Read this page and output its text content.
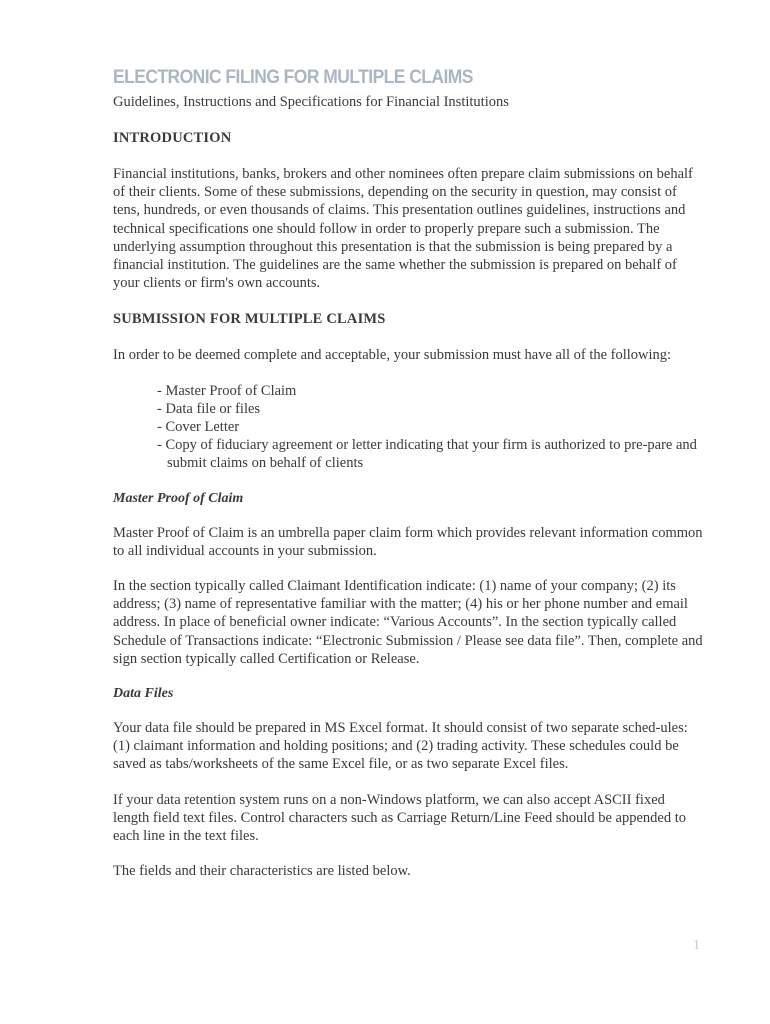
ELECTRONIC FILING FOR MULTIPLE CLAIMS

Guidelines, Instructions and Specifications for Financial Institutions

INTRODUCTION

Financial institutions, banks, brokers and other nominees often prepare claim submissions on behalf of their clients. Some of these submissions, depending on the security in question, may consist of tens, hundreds, or even thousands of claims. This presentation outlines guidelines, instructions and technical specifications one should follow in order to properly prepare such a submission. The underlying assumption throughout this presentation is that the submission is being prepared by a financial institution. The guidelines are the same whether the submission is prepared on behalf of your clients or firm's own accounts.

SUBMISSION FOR MULTIPLE CLAIMS

In order to be deemed complete and acceptable, your submission must have all of the following:

- Master Proof of Claim
- Data file or files
- Cover Letter
- Copy of fiduciary agreement or letter indicating that your firm is authorized to pre-pare and submit claims on behalf of clients
Master Proof of Claim

Master Proof of Claim is an umbrella paper claim form which provides relevant information common to all individual accounts in your submission.

In the section typically called Claimant Identification indicate: (1) name of your company; (2) its address; (3) name of representative familiar with the matter; (4) his or her phone number and email address. In place of beneficial owner indicate: “Various Accounts”. In the section typically called Schedule of Transactions indicate: “Electronic Submission / Please see data file”. Then, complete and sign section typically called Certification or Release.

Data Files

Your data file should be prepared in MS Excel format. It should consist of two separate sched-ules: (1) claimant information and holding positions; and (2) trading activity. These schedules could be saved as tabs/worksheets of the same Excel file, or as two separate Excel files.

If your data retention system runs on a non-Windows platform, we can also accept ASCII fixed length field text files. Control characters such as Carriage Return/Line Feed should be appended to each line in the text files.

The fields and their characteristics are listed below.

1
